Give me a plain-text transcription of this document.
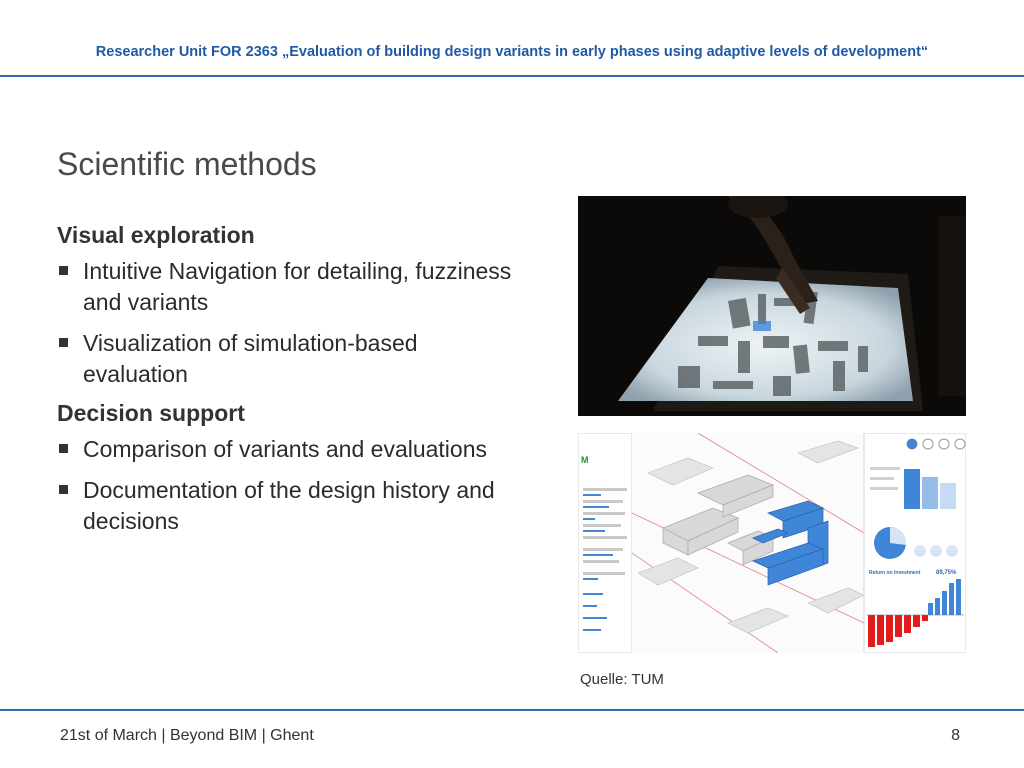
Researcher Unit FOR 2363 „Evaluation of building design variants in early phases using adaptive levels of development“
Scientific methods
Visual exploration
Intuitive Navigation for detailing, fuzziness and variants
Visualization of simulation-based evaluation
Decision support
Comparison of variants and evaluations
Documentation of the design history and decisions
M
Return on Investment	89,75%
Quelle: TUM
21st of March | Beyond BIM | Ghent	8
